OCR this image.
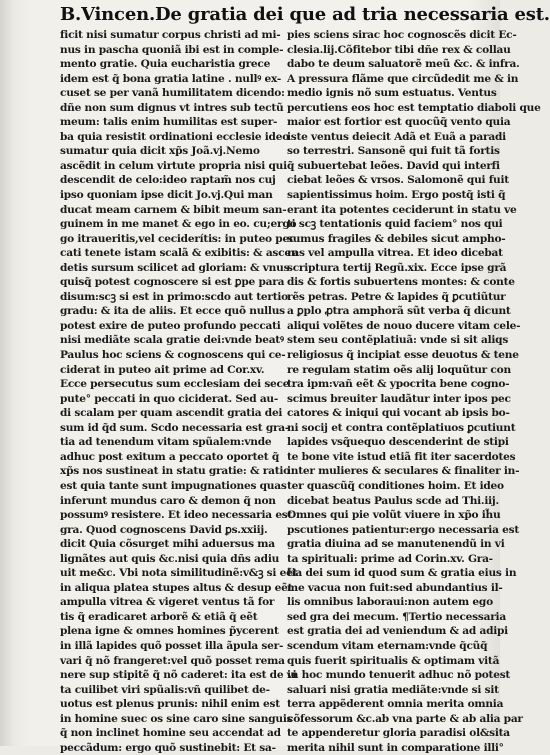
B.Vincen.De gratia dei que ad tria necessaria est.
ficit nisi sumatur corpus christi ad mi-
nus in pascha quoniã ibi est in comple-
mento gratie. Quia eucharistia grece
idem est q̃ bona gratia latine . nullꝰ ex-
cuset se per vanã humilitatem dicendo:
dñe non sum dignus vt intres sub tectũ
meum: talis enim humilitas est super-
ba quia resistit ordinationi ecclesie ideo
sumatur quia dicit xp̃s Joã.vj.Nemo
ascẽdit in celum virtute propria nisi qui
descendit de celo:ideo raptam̃ nos cuj
ipso quoniam ipse dicit Jo.vj.Qui man
ducat meam carnem & bibit meum san-
guinem in me manet & ego in eo. cu;ergo
go itraueritis,vel ceciderítis: in puteo pec
cati tenete istam scalã & exibitis: & ascen
detis sursum scilicet ad gloriam: & vnus
quisq̃ potest cognoscere si est ꝑpe para
disum:scꝫ si est in primo:scdo aut tertio
gradu: & ita de aliis. Et ecce quõ nullus
potest exire de puteo profundo peccati
nisi mediãte scala gratie dei:vnde beatꝰ
Paulus hoc sciens & cognoscens qui ce-
ciderat in puteo ait prime ad Cor.xv.
Ecce persecutus sum ecclesiam dei sece
pute° peccati in quo ciciderat. Sed au-
di scalam per quam ascendit gratia dei
sum id q̃d sum. Scdo necessaria est gra-
tia ad tenendum vitam spũalem:vnde
adhuc post exitum a peccato oportet q̃
xp̃s nos sustineat in statu gratie: & ratio
est quia tante sunt impugnationes quas
inferunt mundus caro & demon q̃ non
possumꝰ resistere. Et ideo necessaria est
gra. Quod cognoscens David ꝑs.xxiij.
dicit Quia cõsurget mihi aduersus ma
lignãtes aut quis &c.nisi quia dñs adiu
uit me&c. Vbi nota similitudinẽ:v&ꝫ si eẽt
in aliqua platea stupes altus & desup eẽt
ampulla vitrea & vigeret ventus tã for
tis q̃ eradicaret arborẽ & etiã q̃ eẽt
plena igne & omnes homines p̃ycerent
in illã lapides quõ posset illa ãpula ser-
vari q̃ nõ frangeret:vel quõ posset rema
nere sup stipitẽ q̃ nõ caderet: ita est de vi
ta cuilibet viri spũalis:vñ quilibet de-
uotus est plenus prunis: nihil enim est
in homine suec os sine caro sine sanguis
q̃ non inclinet homine seu accendat ad
peccãdum: ergo quõ sustinebit: Et sa-
pies sciens sirac hoc cognoscẽs dicit Ec-
clesia.lij.Cõfitebor tibi dñe rex & collau
dabo te deum saluatorẽ meũ &c. & infra.
A pressura flãme que circũdedit me & in
medio ignis nõ sum estuatus. Ventus
percutiens eos hoc est temptatio diaboli que
maior est fortior est quocũq̃ vento quia
iste ventus deiecit Adã et Euã a paradi
so terrestri. Sansonẽ qui fuit tã fortis
q̃ subuertebat leões. David qui interfi
ciebat leões & vrsos. Salomonẽ qui fuit
sapientissimus hoim. Ergo postq̃ isti q̃
erant ita potentes ceciderunt in statu ve
ti scꝫ tentationis quid faciem° nos qui
sumus fragiles & debiles sicut ampho-
ras vel ampulla vitrea. Et ideo dicebat
scriptura tertij Regũ.xix. Ecce ipse grã
dis & fortis subuertens montes: & conte
rẽs petras. Petre & lapides q̃ ꝑcutiũtur
a ꝑplo ꝓtra amphorã sũt verba q̃ dicunt
aliqui volẽtes de nouo ducere vitam cele-
stem seu contẽplatiuã: vnde si sit aliqs
religiosus q̃ incipiat esse deuotus & tene
re regulam statim oẽs alij loquũtur con
tra ipm:vañ eẽt & ypocrita bene cogno-
scimus breuiter laudãtur inter ipos pec
catores & iniqui qui vocant ab ipsis bo-
ni socij et contra contẽplatiuos ꝑcutiunt
lapides vsq̃uequo descenderint de stipi
te bone vite istud etiã fit iter sacerdotes
inter mulieres & seculares & finaliter in-
ter quascũq̃ conditiones hoim. Et ideo
dicebat beatus Paulus scde ad Thi.iij.
Omnes qui pie volũt viuere in xp̃o ih̃u
pscutiones patientur:ergo necessaria est
gratia diuina ad se manutenendũ in vi
ta spirituali: prime ad Corin.xv. Gra-
tia dei sum id quod sum & gratia eius in
me vacua non fuit:sed abundantius il-
lis omnibus laboraui:non autem ego
sed gra dei mecum. ¶Tertio necessaria
est gratia dei ad veniendum & ad adipi
scendum vitam eternam:vnde q̃cũq̃
quis fuerit spiritualis & optimam vitã
in hoc mundo tenuerit adhuc nõ potest
saluari nisi gratia mediãte:vnde si sit
terra appẽderent omnia merita omnia
cõfessorum &c.ab vna parte & ab alia par
te appenderetur gloria paradisi ol&sita
merita nihil sunt in comparatione illi°
